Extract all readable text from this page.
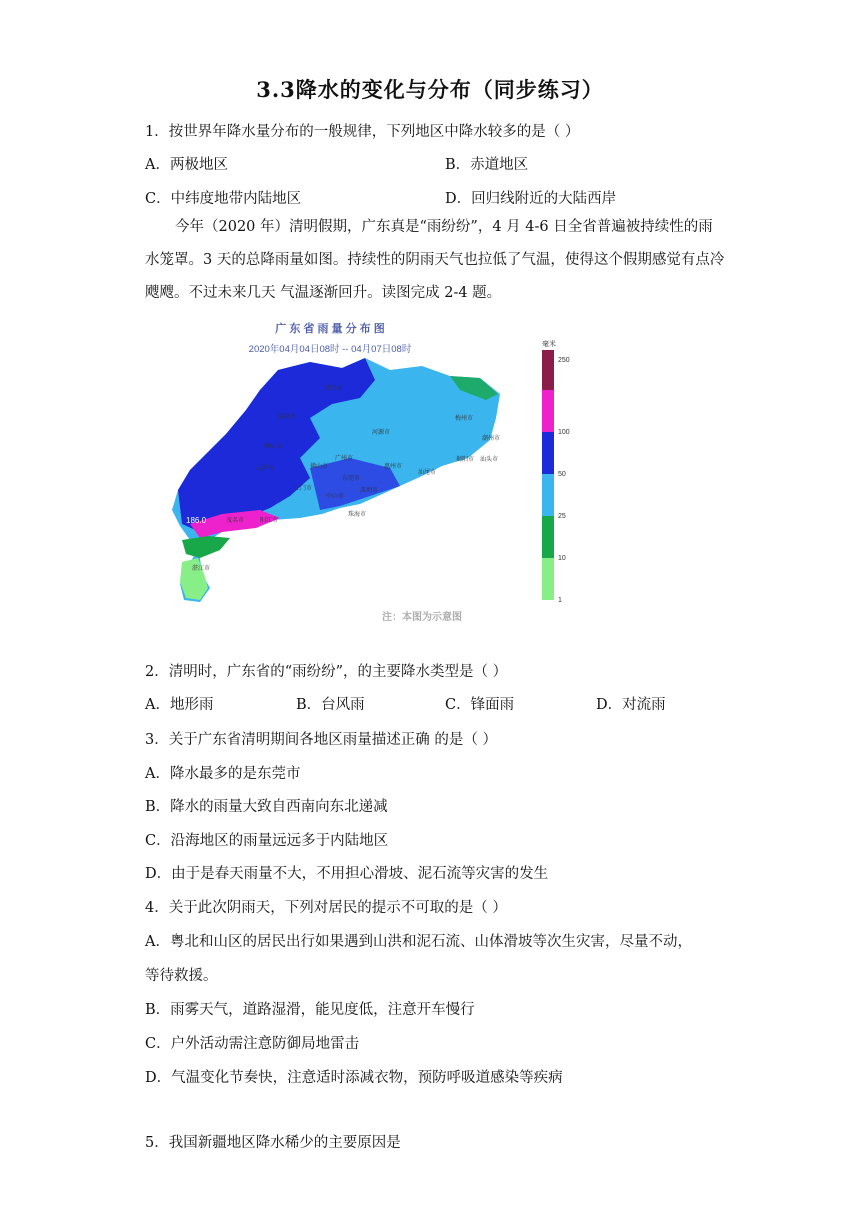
3.3降水的变化与分布（同步练习）
1．按世界年降水量分布的一般规律，下列地区中降水较多的是（ ）
A．两极地区	B．赤道地区
C．中纬度地带内陆地区	D．回归线附近的大陆西岸
今年（2020 年）清明假期，广东真是“雨纷纷”，4 月 4-6 日全省普遍被持续性的雨水笼罩。3 天的总降雨量如图。持续性的阴雨天气也拉低了气温，使得这个假期感觉有点冷飕飕。不过未来几天 气温逐渐回升。读图完成 2-4 题。
广 东 省 雨 量 分 布 图
2020年04月04日08时 -- 04月07日08时
韶关市
清远市
河源市
梅州市
潮州市
揭阳市 汕头市
汕尾市
肇庆市
佛山市
广州市
惠州市
东莞市
深圳市
云浮市
江门市
中山市
珠海市
阳江市
茂名市
湛江市
186.0
毫米
250
100
50
25
10
1
注：本图为示意图
2．清明时，广东省的“雨纷纷”，的主要降水类型是（ ）
A．地形雨	B．台风雨	C．锋面雨	D．对流雨
3．关于广东省清明期间各地区雨量描述正确 的是（ ）
A．降水最多的是东莞市
B．降水的雨量大致自西南向东北递减
C．沿海地区的雨量远远多于内陆地区
D．由于是春天雨量不大，不用担心滑坡、泥石流等灾害的发生
4．关于此次阴雨天，下列对居民的提示不可取的是（ ）
A．粤北和山区的居民出行如果遇到山洪和泥石流、山体滑坡等次生灾害，尽量不动，
等待救援。
B．雨雾天气，道路湿滑，能见度低，注意开车慢行
C．户外活动需注意防御局地雷击
D．气温变化节奏快，注意适时添减衣物，预防呼吸道感染等疾病
5．我国新疆地区降水稀少的主要原因是
